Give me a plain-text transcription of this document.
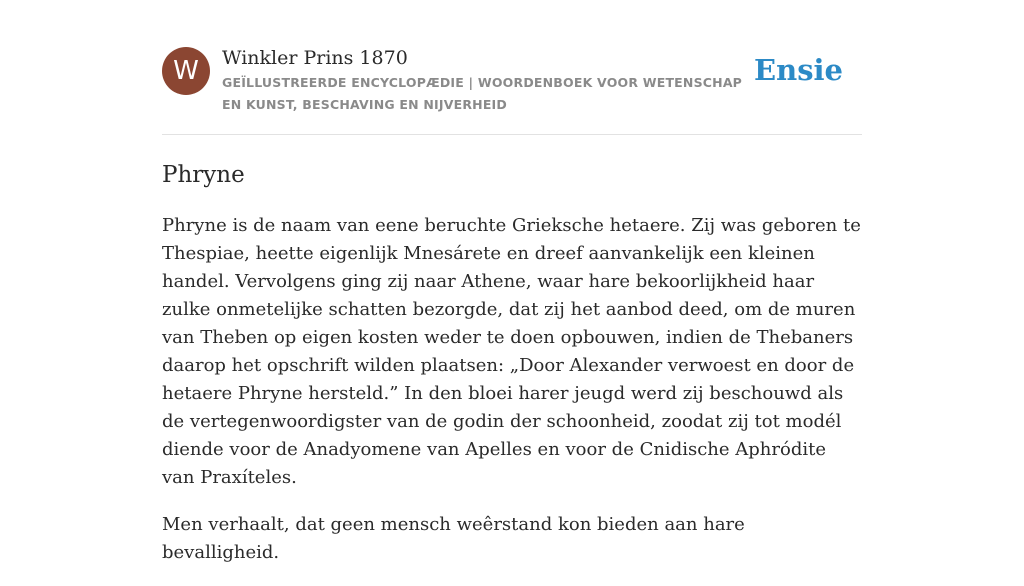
W	Winkler Prins 1870
GEÏLLUSTREERDE ENCYCLOPÆDIE | WOORDENBOEK VOOR WETENSCHAP EN KUNST, BESCHAVING EN NIJVERHEID
Ensie
Phryne

Phryne is de naam van eene beruchte Grieksche hetaere. Zij was geboren te Thespiae, heette eigenlijk Mnesárete en dreef aanvankelijk een kleinen handel. Vervolgens ging zij naar Athene, waar hare bekoorlijkheid haar zulke onmetelijke schatten bezorgde, dat zij het aanbod deed, om de muren van Theben op eigen kosten weder te doen opbouwen, indien de Thebaners daarop het opschrift wilden plaatsen: „Door Alexander verwoest en door de hetaere Phryne hersteld.” In den bloei harer jeugd werd zij beschouwd als de vertegenwoordigster van de godin der schoonheid, zoodat zij tot modél diende voor de Anadyomene van Apelles en voor de Cnidische Aphródite van Praxíteles.

Men verhaalt, dat geen mensch weêrstand kon bieden aan hare bevalligheid.
